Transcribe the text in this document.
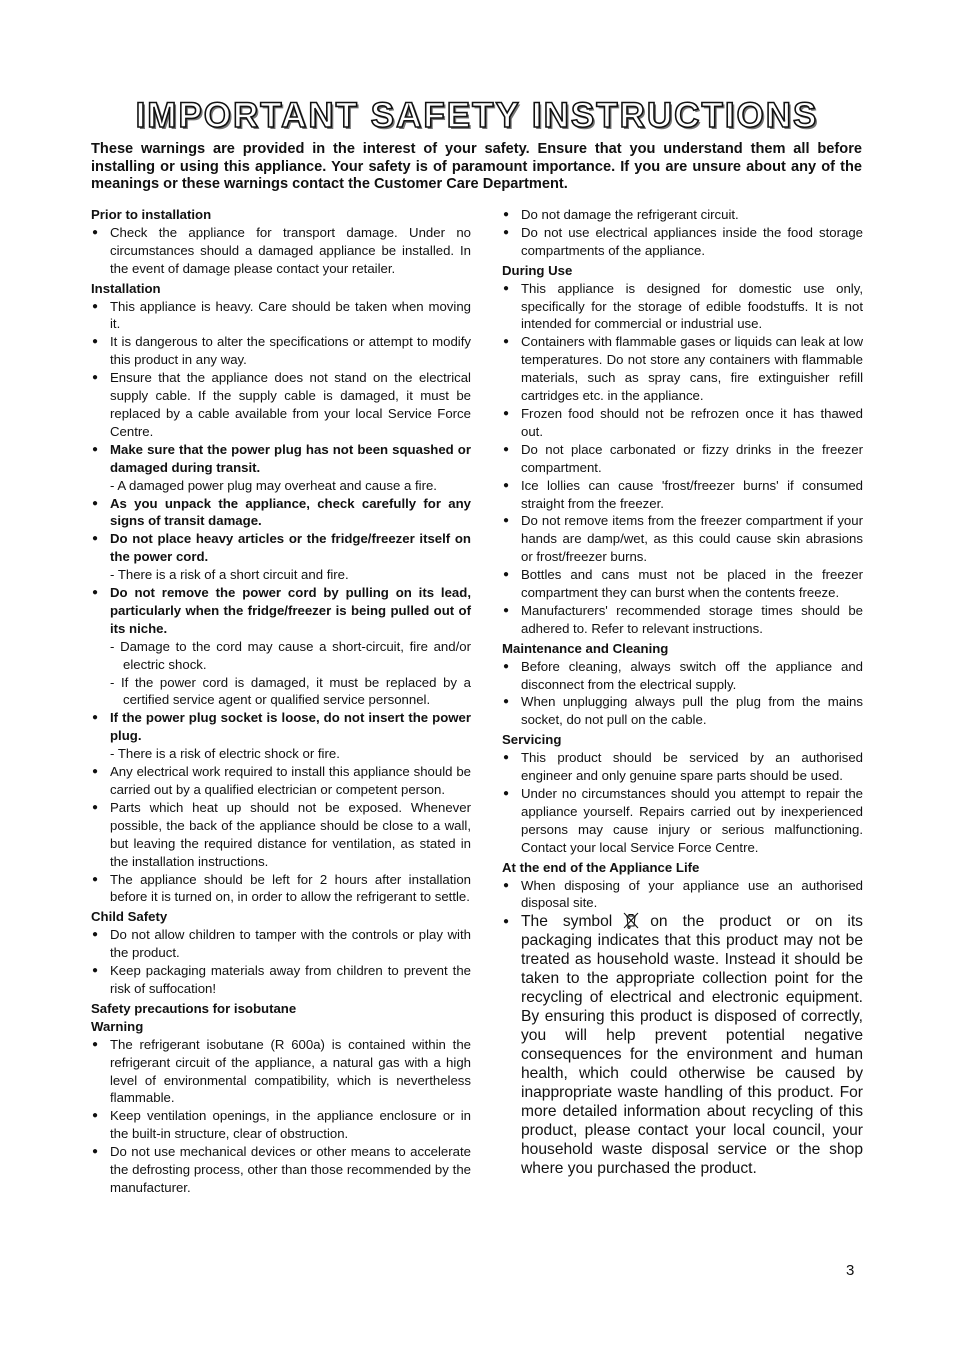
IMPORTANT SAFETY INSTRUCTIONS

These warnings are provided in the interest of your safety. Ensure that you understand them all before installing or using this appliance. Your safety is of paramount importance. If you are unsure about any of the meanings or these warnings contact the Customer Care Department.

Prior to installation

● Check the appliance for transport damage. Under no circumstances should a damaged appliance be installed. In the event of damage please contact your retailer.

Installation

● This appliance is heavy. Care should be taken when moving it.
● It is dangerous to alter the specifications or attempt to modify this product in any way.
● Ensure that the appliance does not stand on the electrical supply cable. If the supply cable is damaged, it must be replaced by a cable available from your local Service Force Centre.
● Make sure that the power plug has not been squashed or damaged during transit.
- A damaged power plug may overheat and cause a fire.
● As you unpack the appliance, check carefully for any signs of transit damage.
● Do not place heavy articles or the fridge/freezer itself on the power cord.
- There is a risk of a short circuit and fire.
● Do not remove the power cord by pulling on its lead, particularly when the fridge/freezer is being pulled out of its niche.
- Damage to the cord may cause a short-circuit, fire and/or electric shock.
- If the power cord is damaged, it must be replaced by a certified service agent or qualified service personnel.
● If the power plug socket is loose, do not insert the power plug.
- There is a risk of electric shock or fire.
● Any electrical work required to install this appliance should be carried out by a qualified electrician or competent person.
● Parts which heat up should not be exposed. Whenever possible, the back of the appliance should be close to a wall, but leaving the required distance for ventilation, as stated in the installation instructions.
● The appliance should be left for 2 hours after installation before it is turned on, in order to allow the refrigerant to settle.

Child Safety

● Do not allow children to tamper with the controls or play with the product.
● Keep packaging materials away from children to prevent the risk of suffocation!

Safety precautions for isobutane

Warning

● The refrigerant isobutane (R 600a) is contained within the refrigerant circuit of the appliance, a natural gas with a high level of environmental compatibility, which is nevertheless flammable.
● Keep ventilation openings, in the appliance enclosure or in the built-in structure, clear of obstruction.
● Do not use mechanical devices or other means to accelerate the defrosting process, other than those recommended by the manufacturer.
● Do not damage the refrigerant circuit.
● Do not use electrical appliances inside the food storage compartments of the appliance.

During Use

● This appliance is designed for domestic use only, specifically for the storage of edible foodstuffs. It is not intended for commercial or industrial use.
● Containers with flammable gases or liquids can leak at low temperatures. Do not store any containers with flammable materials, such as spray cans, fire extinguisher refill cartridges etc. in the appliance.
● Frozen food should not be refrozen once it has thawed out.
● Do not place carbonated or fizzy drinks in the freezer compartment.
● Ice lollies can cause 'frost/freezer burns' if consumed straight from the freezer.
● Do not remove items from the freezer compartment if your hands are damp/wet, as this could cause skin abrasions or frost/freezer burns.
● Bottles and cans must not be placed in the freezer compartment they can burst when the contents freeze.
● Manufacturers' recommended storage times should be adhered to. Refer to relevant instructions.

Maintenance and Cleaning

● Before cleaning, always switch off the appliance and disconnect from the electrical supply.
● When unplugging always pull the plug from the mains socket, do not pull on the cable.

Servicing

● This product should be serviced by an authorised engineer and only genuine spare parts should be used.
● Under no circumstances should you attempt to repair the appliance yourself. Repairs carried out by inexperienced persons may cause injury or serious malfunctioning. Contact your local Service Force Centre.

At the end of the Appliance Life

● When disposing of your appliance use an authorised disposal site.
● The symbol on the product or on its packaging indicates that this product may not be treated as household waste. Instead it should be taken to the appropriate collection point for the recycling of electrical and electronic equipment. By ensuring this product is disposed of correctly, you will help prevent potential negative consequences for the environment and human health, which could otherwise be caused by inappropriate waste handling of this product. For more detailed information about recycling of this product, please contact your local council, your household waste disposal service or the shop where you purchased the product.
3
